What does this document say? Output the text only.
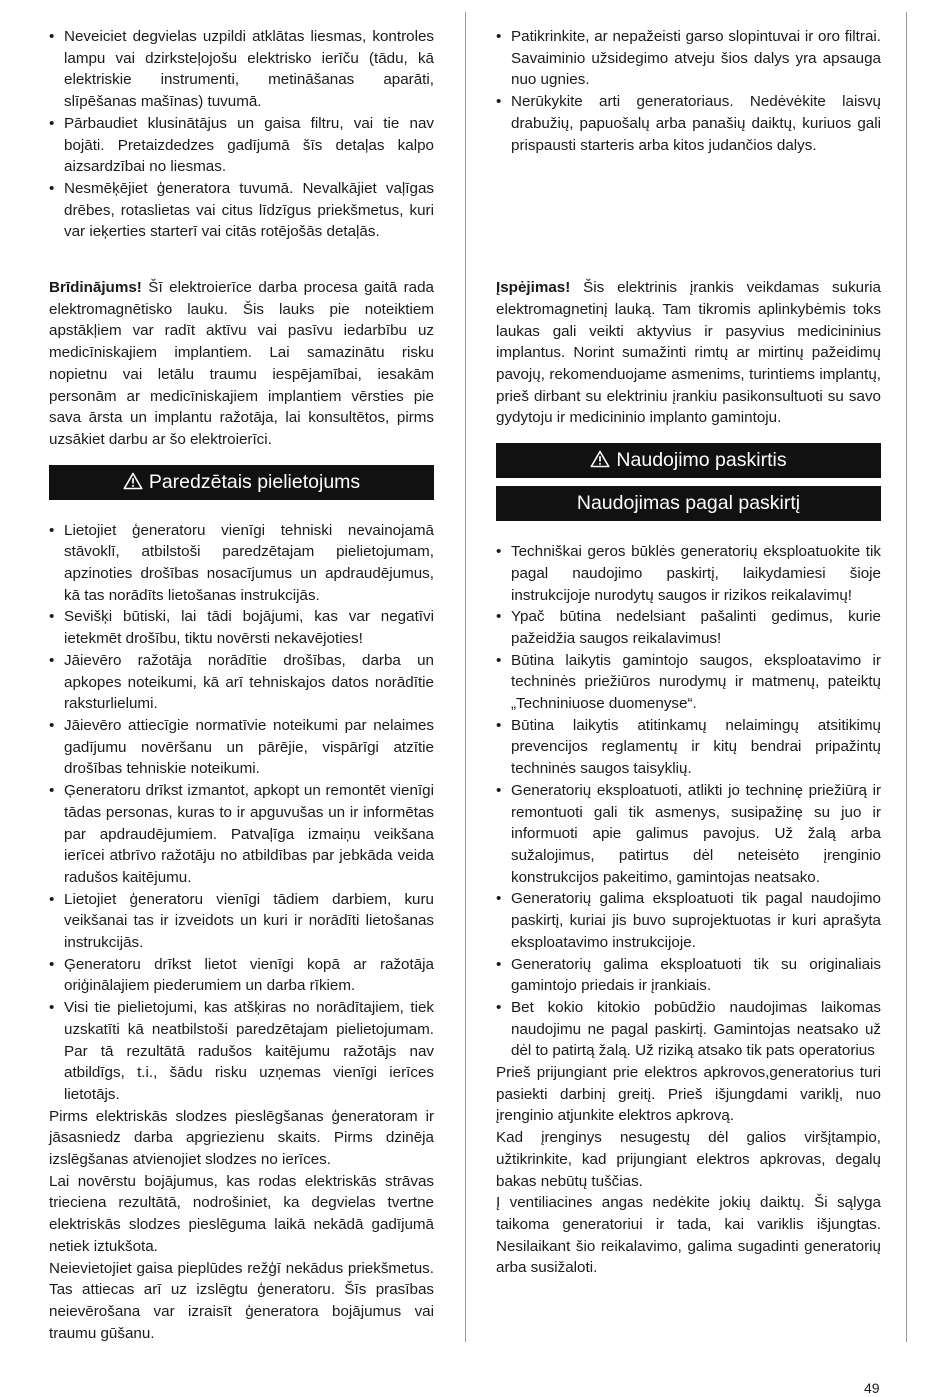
• Neveiciet degvielas uzpildi atklātas liesmas, kontroles lampu vai dzirksteļojošu elektrisko ierīču (tādu, kā elektriskie instrumenti, metināšanas aparāti, slīpēšanas mašīnas) tuvumā.
• Pārbaudiet klusinātājus un gaisa filtru, vai tie nav bojāti. Pretaizdedzes gadījumā šīs detaļas kalpo aizsardzībai no liesmas.
• Nesmēķējiet ģeneratora tuvumā. Nevalkājiet vaļīgas drēbes, rotaslietas vai citus līdzīgus priekšmetus, kuri var ieķerties starterī vai citās rotējošās detaļās.

Brīdinājums! Šī elektroierīce darba procesa gaitā rada elektromagnētisko lauku. Šis lauks pie noteiktiem apstākļiem var radīt aktīvu vai pasīvu iedarbību uz medicīniskajiem implantiem. Lai samazinātu risku nopietnu vai letālu traumu iespējamībai, iesakām personām ar medicīniskajiem implantiem vērsties pie sava ārsta un implantu ražotāja, lai konsultētos, pirms uzsākiet darbu ar šo elektroierīci.

Paredzētais pielietojums
• Lietojiet ģeneratoru vienīgi tehniski nevainojamā stāvoklī, atbilstoši paredzētajam pielietojumam, apzinoties drošības nosacījumus un apdraudējumus, kā tas norādīts lietošanas instrukcijās.
• Sevišķi būtiski, lai tādi bojājumi, kas var negatīvi ietekmēt drošību, tiktu novērsti nekavējoties!
• Jāievēro ražotāja norādītie drošības, darba un apkopes noteikumi, kā arī tehniskajos datos norādītie raksturlielumi.
• Jāievēro attiecīgie normatīvie noteikumi par nelaimes gadījumu novēršanu un pārējie, vispārīgi atzītie drošības tehniskie noteikumi.
• Ģeneratoru drīkst izmantot, apkopt un remontēt vienīgi tādas personas, kuras to ir apguvušas un ir informētas par apdraudējumiem. Patvaļīga izmaiņu veikšana ierīcei atbrīvo ražotāju no atbildības par jebkāda veida radušos kaitējumu.
• Lietojiet ģeneratoru vienīgi tādiem darbiem, kuru veikšanai tas ir izveidots un kuri ir norādīti lietošanas instrukcijās.
• Ģeneratoru drīkst lietot vienīgi kopā ar ražotāja oriģinālajiem piederumiem un darba rīkiem.
• Visi tie pielietojumi, kas atšķiras no norādītajiem, tiek uzskatīti kā neatbilstoši paredzētajam pielietojumam. Par tā rezultātā radušos kaitējumu ražotājs nav atbildīgs, t.i., šādu risku uzņemas vienīgi ierīces lietotājs.

Pirms elektriskās slodzes pieslēgšanas ģeneratoram ir jāsasniedz darba apgriezienu skaits. Pirms dzinēja izslēgšanas atvienojiet slodzes no ierīces.

Lai novērstu bojājumus, kas rodas elektriskās strāvas trieciena rezultātā, nodrošiniet, ka degvielas tvertne elektriskās slodzes pieslēguma laikā nekādā gadījumā netiek iztukšota.

Neievietojiet gaisa pieplūdes režģī nekādus priekšmetus. Tas attiecas arī uz izslēgtu ģeneratoru. Šīs prasības neievērošana var izraisīt ģeneratora bojājumus vai traumu gūšanu.

• Patikrinkite, ar nepažeisti garso slopintuvai ir oro filtrai. Savaiminio užsidegimo atveju šios dalys yra apsauga nuo ugnies.
• Nerūkykite arti generatoriaus. Nedėvėkite laisvų drabužių, papuošalų arba panašių daiktų, kuriuos gali prispausti starteris arba kitos judančios dalys.

Įspėjimas! Šis elektrinis įrankis veikdamas sukuria elektromagnetinį lauką. Tam tikromis aplinkybėmis toks laukas gali veikti aktyvius ir pasyvius medicininius implantus. Norint sumažinti rimtų ar mirtinų pažeidimų pavojų, rekomenduojame asmenims, turintiems implantų, prieš dirbant su elektriniu įrankiu pasikonsultuoti su savo gydytoju ir medicininio implanto gamintoju.

Naudojimo paskirtis
Naudojimas pagal paskirtį
• Techniškai geros būklės generatorių eksploatuokite tik pagal naudojimo paskirtį, laikydamiesi šioje instrukcijoje nurodytų saugos ir rizikos reikalavimų!
• Ypač būtina nedelsiant pašalinti gedimus, kurie pažeidžia saugos reikalavimus!
• Būtina laikytis gamintojo saugos, eksploatavimo ir techninės priežiūros nurodymų ir matmenų, pateiktų „Techniniuose duomenyse“.
• Būtina laikytis atitinkamų nelaimingų atsitikimų prevencijos reglamentų ir kitų bendrai pripažintų techninės saugos taisyklių.
• Generatorių eksploatuoti, atlikti jo techninę priežiūrą ir remontuoti gali tik asmenys, susipažinę su juo ir informuoti apie galimus pavojus. Už žalą arba sužalojimus, patirtus dėl neteisėto įrenginio konstrukcijos pakeitimo, gamintojas neatsako.
• Generatorių galima eksploatuoti tik pagal naudojimo paskirtį, kuriai jis buvo suprojektuotas ir kuri aprašyta eksploatavimo instrukcijoje.
• Generatorių galima eksploatuoti tik su originaliais gamintojo priedais ir įrankiais.
• Bet kokio kitokio pobūdžio naudojimas laikomas naudojimu ne pagal paskirtį. Gamintojas neatsako už dėl to patirtą žalą. Už riziką atsako tik pats operatorius

Prieš prijungiant prie elektros apkrovos,generatorius turi pasiekti darbinį greitį. Prieš išjungdami variklį, nuo įrenginio atjunkite elektros apkrovą.

Kad įrenginys nesugestų dėl galios viršįtampio, užtikrinkite, kad prijungiant elektros apkrovas, degalų bakas nebūtų tuščias.

Į ventiliacines angas nedėkite jokių daiktų. Ši sąlyga taikoma generatoriui ir tada, kai variklis išjungtas. Nesilaikant šio reikalavimo, galima sugadinti generatorių arba susižaloti.

49
